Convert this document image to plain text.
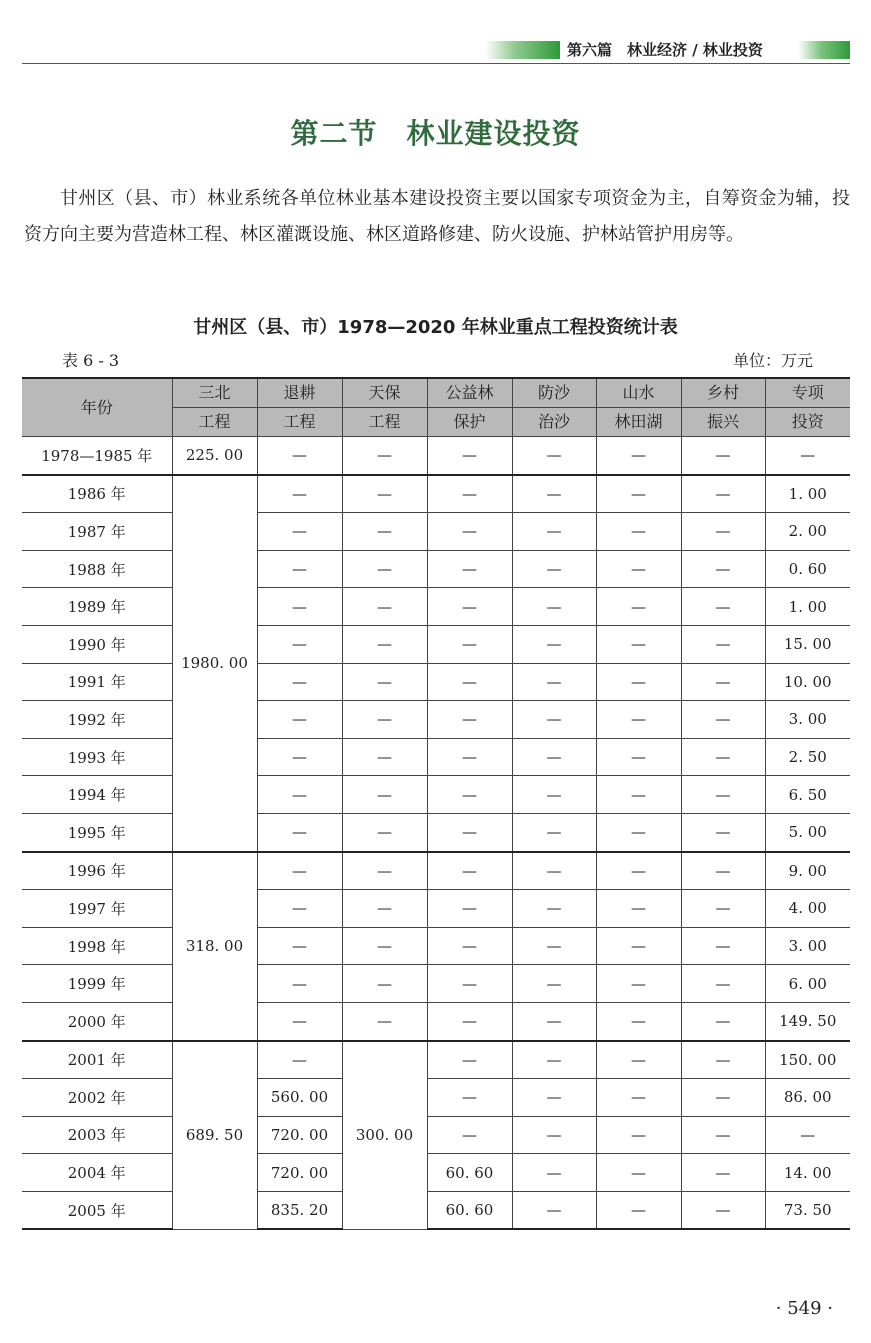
第六篇　林业经济 / 林业投资
第二节　林业建设投资

甘州区（县、市）林业系统各单位林业基本建设投资主要以国家专项资金为主，自筹资金为辅，投资方向主要为营造林工程、林区灌溉设施、林区道路修建、防火设施、护林站管护用房等。

甘州区（县、市）1978—2020 年林业重点工程投资统计表
表 6 - 3	单位：万元
年份	三北	退耕	天保	公益林	防沙	山水	乡村	专项
	工程	工程	工程	保护	治沙	林田湖	振兴	投资
1978—1985 年	225. 00	—	—	—	—	—	—	—
1986 年	1980. 00	—	—	—	—	—	—	1. 00
1987 年		—	—	—	—	—	—	2. 00
1988 年		—	—	—	—	—	—	0. 60
1989 年		—	—	—	—	—	—	1. 00
1990 年		—	—	—	—	—	—	15. 00
1991 年		—	—	—	—	—	—	10. 00
1992 年		—	—	—	—	—	—	3. 00
1993 年		—	—	—	—	—	—	2. 50
1994 年		—	—	—	—	—	—	6. 50
1995 年		—	—	—	—	—	—	5. 00
1996 年	318. 00	—	—	—	—	—	—	9. 00
1997 年		—	—	—	—	—	—	4. 00
1998 年		—	—	—	—	—	—	3. 00
1999 年		—	—	—	—	—	—	6. 00
2000 年		—	—	—	—	—	—	149. 50
2001 年	689. 50	—	300. 00	—	—	—	—	150. 00
2002 年		560. 00		—	—	—	—	86. 00
2003 年		720. 00		—	—	—	—	—
2004 年		720. 00		60. 60	—	—	—	14. 00
2005 年		835. 20		60. 60	—	—	—	73. 50
· 549 ·
